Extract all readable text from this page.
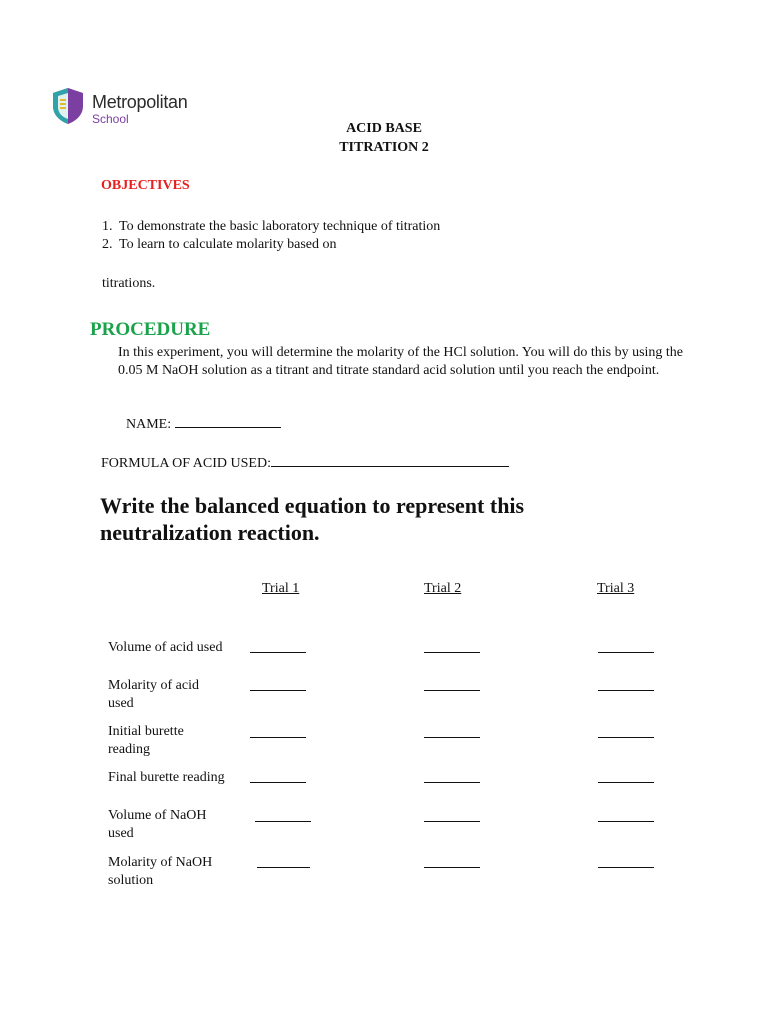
Metropolitan
School
ACID BASE
TITRATION 2
OBJECTIVES
1. To demonstrate the basic laboratory technique of titration
2. To learn to calculate molarity based on
titrations.
PROCEDURE
In this experiment, you will determine the molarity of the HCl solution. You will do this by using the 0.05 M NaOH solution as a titrant and titrate standard acid solution until you reach the endpoint.
NAME:
FORMULA OF ACID USED:
Write the balanced equation to represent this neutralization reaction.
Trial 1	Trial 2	Trial 3
Volume of acid used
Molarity of acid used
Initial burette reading
Final burette reading
Volume of NaOH used
Molarity of NaOH solution
